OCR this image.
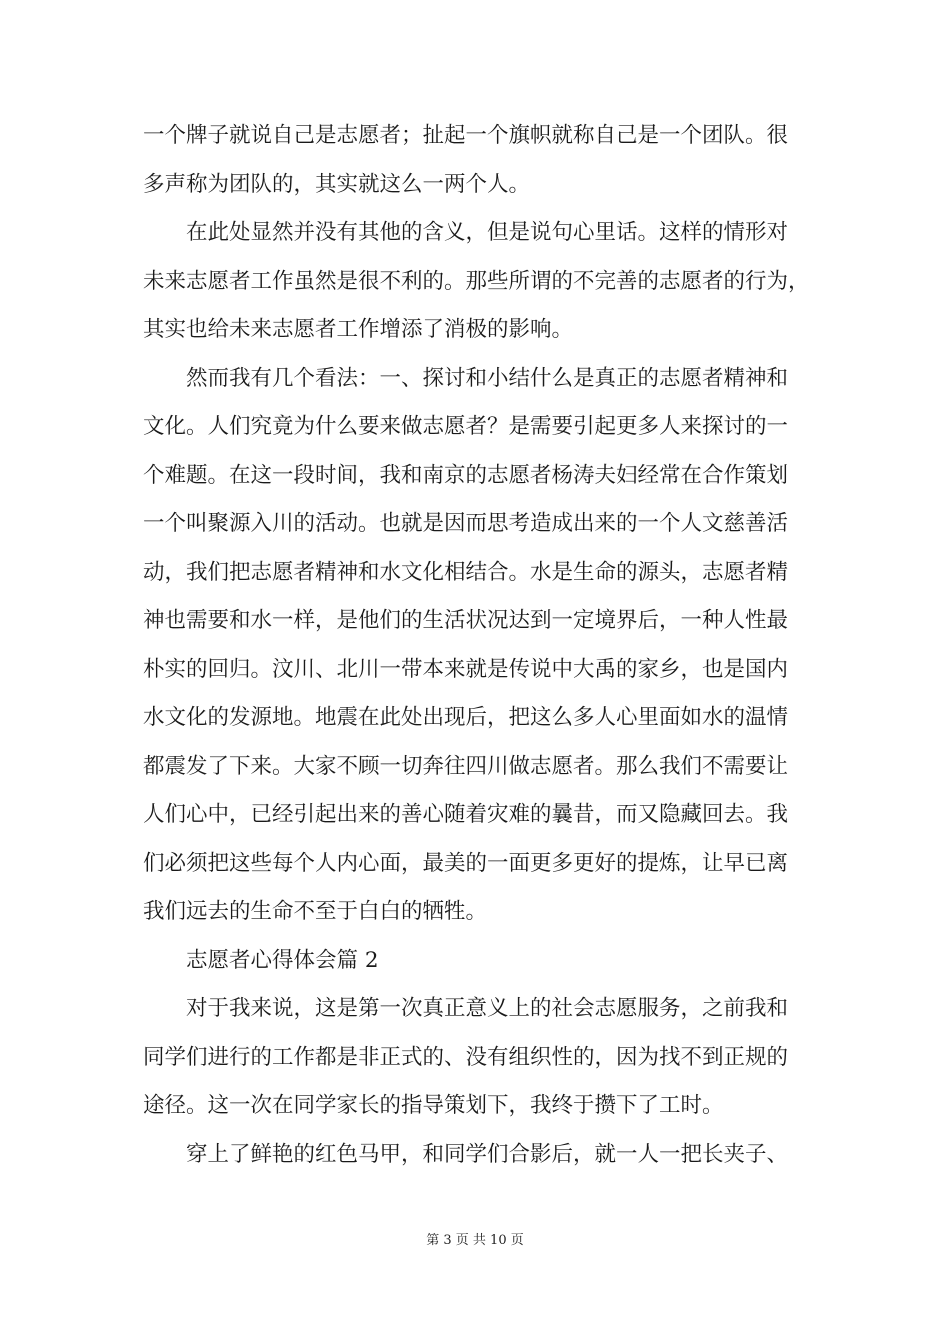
一个牌子就说自己是志愿者；扯起一个旗帜就称自己是一个团队。很
多声称为团队的，其实就这么一两个人。
在此处显然并没有其他的含义，但是说句心里话。这样的情形对
未来志愿者工作虽然是很不利的。那些所谓的不完善的志愿者的行为，
其实也给未来志愿者工作增添了消极的影响。
然而我有几个看法：一、探讨和小结什么是真正的志愿者精神和
文化。人们究竟为什么要来做志愿者？是需要引起更多人来探讨的一
个难题。在这一段时间，我和南京的志愿者杨涛夫妇经常在合作策划
一个叫聚源入川的活动。也就是因而思考造成出来的一个人文慈善活
动，我们把志愿者精神和水文化相结合。水是生命的源头，志愿者精
神也需要和水一样，是他们的生活状况达到一定境界后，一种人性最
朴实的回归。汶川、北川一带本来就是传说中大禹的家乡，也是国内
水文化的发源地。地震在此处出现后，把这么多人心里面如水的温情
都震发了下来。大家不顾一切奔往四川做志愿者。那么我们不需要让
人们心中，已经引起出来的善心随着灾难的曩昔，而又隐藏回去。我
们必须把这些每个人内心面，最美的一面更多更好的提炼，让早已离
我们远去的生命不至于白白的牺牲。
志愿者心得体会篇 2
对于我来说，这是第一次真正意义上的社会志愿服务，之前我和
同学们进行的工作都是非正式的、没有组织性的，因为找不到正规的
途径。这一次在同学家长的指导策划下，我终于攒下了工时。
穿上了鲜艳的红色马甲，和同学们合影后，就一人一把长夹子、
第 3 页 共 10 页
